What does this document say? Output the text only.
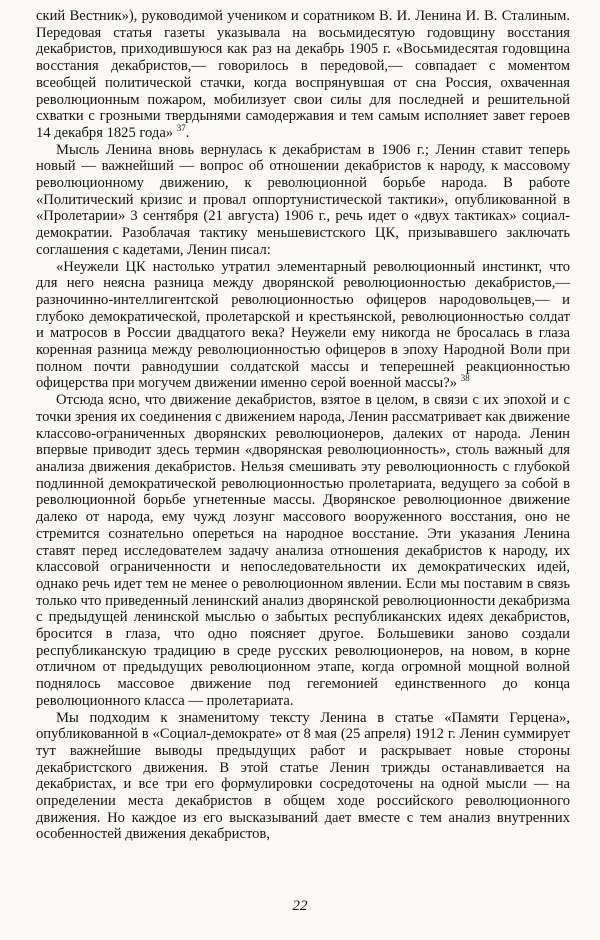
ский Вестник»), руководимой учеником и соратником В. И. Ленина И. В. Сталиным. Передовая статья газеты указывала на восьмидесятую годовщину восстания декабристов, приходившуюся как раз на декабрь 1905 г. «Восьмидесятая годовщина восстания декабристов,— говорилось в передовой,— совпадает с моментом всеобщей политической стачки, когда воспрянувшая от сна Россия, охваченная революционным пожаром, мобилизует свои силы для последней и решительной схватки с грозными твердынями самодержавия и тем самым исполняет завет героев 14 декабря 1825 года» $^{37}$.

Мысль Ленина вновь вернулась к декабристам в 1906 г.; Ленин ставит теперь новый — важнейший — вопрос об отношении декабристов к народу, к массовому революционному движению, к революционной борьбе народа. В работе «Политический кризис и провал оппортунистической тактики», опубликованной в «Пролетарии» 3 сентября (21 августа) 1906 г., речь идет о «двух тактиках» социал-демократии. Разоблачая тактику меньшевистского ЦК, призывавшего заключать соглашения с кадетами, Ленин писал:

«Неужели ЦК настолько утратил элементарный революционный инстинкт, что для него неясна разница между дворянской революционностью декабристов,— разночинно-интеллигентской революционностью офицеров народовольцев,— и глубоко демократической, пролетарской и крестьянской, революционностью солдат и матросов в России двадцатого века? Неужели ему никогда не бросалась в глаза коренная разница между революционностью офицеров в эпоху Народной Воли при полном почти равнодушии солдатской массы и теперешней реакционностью офицерства при могучем движении именно серой военной массы?» $^{38}$

Отсюда ясно, что движение декабристов, взятое в целом, в связи с их эпохой и с точки зрения их соединения с движением народа, Ленин рассматривает как движение классово-ограниченных дворянских революционеров, далеких от народа. Ленин впервые приводит здесь термин «дворянская революционность», столь важный для анализа движения декабристов. Нельзя смешивать эту революционность с глубокой подлинной демократической революционностью пролетариата, ведущего за собой в революционной борьбе угнетенные массы. Дворянское революционное движение далеко от народа, ему чужд лозунг массового вооруженного восстания, оно не стремится сознательно опереться на народное восстание. Эти указания Ленина ставят перед исследователем задачу анализа отношения декабристов к народу, их классовой ограниченности и непоследовательности их демократических идей, однако речь идет тем не менее о революционном явлении. Если мы поставим в связь только что приведенный ленинский анализ дворянской революционности декабризма с предыдущей ленинской мыслью о забытых республиканских идеях декабристов, бросится в глаза, что одно поясняет другое. Большевики заново создали республиканскую традицию в среде русских революционеров, на новом, в корне отличном от предыдущих революционном этапе, когда огромной мощной волной поднялось массовое движение под гегемонией единственного до конца революционного класса — пролетариата.

Мы подходим к знаменитому тексту Ленина в статье «Памяти Герцена», опубликованной в «Социал-демократе» от 8 мая (25 апреля) 1912 г. Ленин суммирует тут важнейшие выводы предыдущих работ и раскрывает новые стороны декабристского движения. В этой статье Ленин трижды останавливается на декабристах, и все три его формулировки сосредоточены на одной мысли — на определении места декабристов в общем ходе российского революционного движения. Но каждое из его высказываний дает вместе с тем анализ внутренних особенностей движения декабристов,

22
